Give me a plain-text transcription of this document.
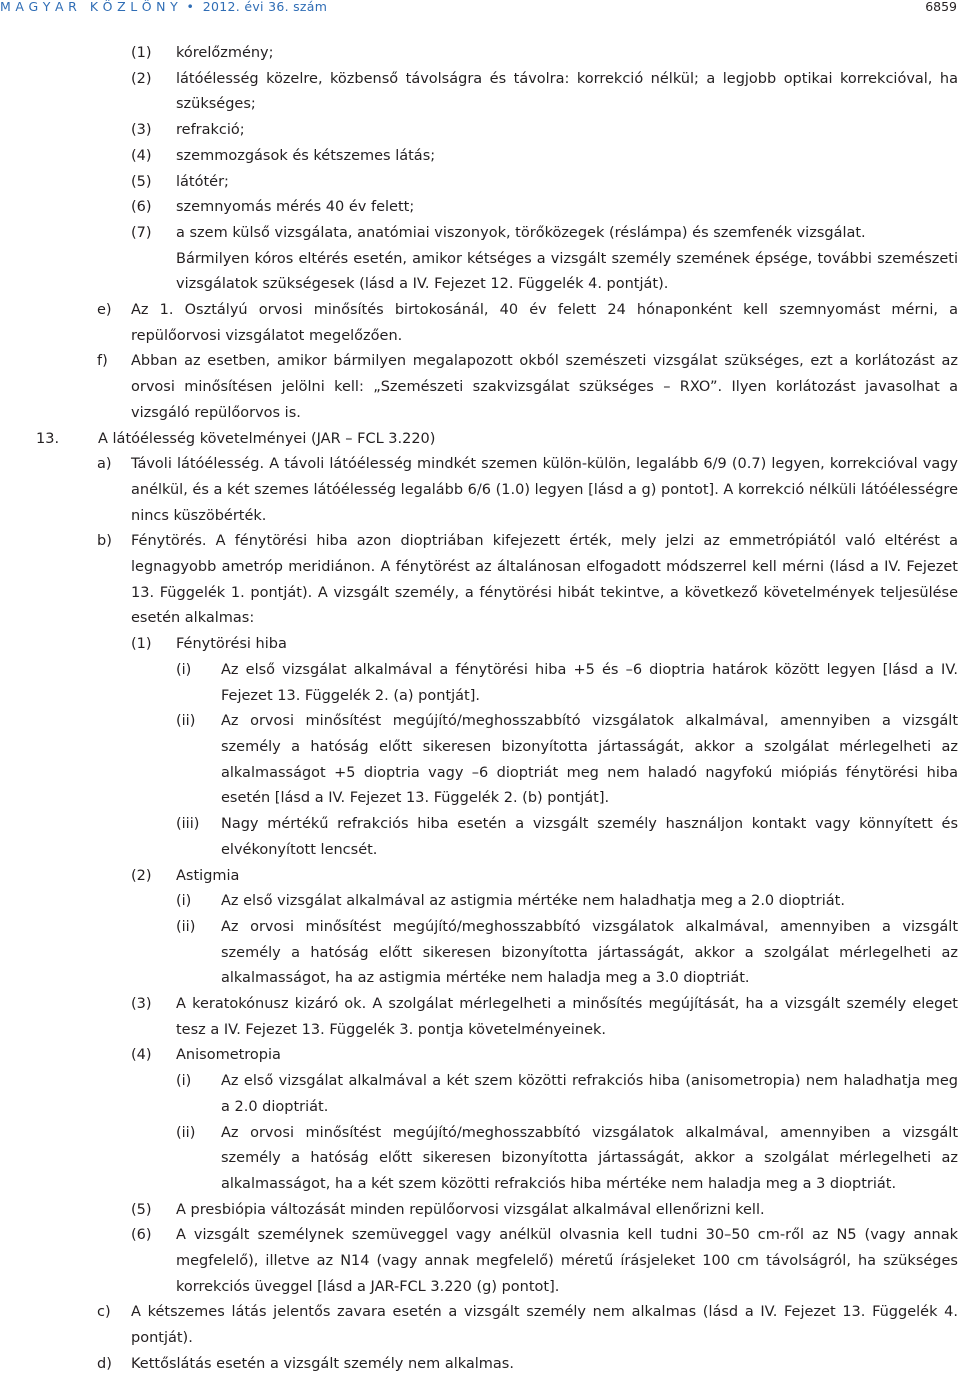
M A G Y A R   K Ö Z L Ö N Y  •  2012. évi 36. szám	6859
(1) kórelőzmény;
(2) látóélesség közelre, közbenső távolságra és távolra: korrekció nélkül; a legjobb optikai korrekcióval, ha szükséges;
(3) refrakció;
(4) szemmozgások és kétszemes látás;
(5) látótér;
(6) szemnyomás mérés 40 év felett;
(7) a szem külső vizsgálata, anatómiai viszonyok, törőközegek (réslámpa) és szemfenék vizsgálat.
Bármilyen kóros eltérés esetén, amikor kétséges a vizsgált személy szemének épsége, további szemészeti vizsgálatok szükségesek (lásd a IV. Fejezet 12. Függelék 4. pontját).
e) Az 1. Osztályú orvosi minősítés birtokosánál, 40 év felett 24 hónaponként kell szemnyomást mérni, a repülőorvosi vizsgálatot megelőzően.
f) Abban az esetben, amikor bármilyen megalapozott okból szemészeti vizsgálat szükséges, ezt a korlátozást az orvosi minősítésen jelölni kell: „Szemészeti szakvizsgálat szükséges – RXO”. Ilyen korlátozást javasolhat a vizsgáló repülőorvos is.
13.	A látóélesség követelményei (JAR – FCL 3.220)
a) Távoli látóélesség. A távoli látóélesség mindkét szemen külön-külön, legalább 6/9 (0.7) legyen, korrekcióval vagy anélkül, és a két szemes látóélesség legalább 6/6 (1.0) legyen [lásd a g) pontot]. A korrekció nélküli látóélességre nincs küszöbérték.
b) Fénytörés. A fénytörési hiba azon dioptriában kifejezett érték, mely jelzi az emmetrópiától való eltérést a legnagyobb ametróp meridiánon. A fénytörést az általánosan elfogadott módszerrel kell mérni (lásd a IV. Fejezet 13. Függelék 1. pontját). A vizsgált személy, a fénytörési hibát tekintve, a következő követelmények teljesülése esetén alkalmas:
(1) Fénytörési hiba
(i) Az első vizsgálat alkalmával a fénytörési hiba +5 és –6 dioptria határok között legyen [lásd a IV. Fejezet 13. Függelék 2. (a) pontját].
(ii) Az orvosi minősítést megújító/meghosszabbító vizsgálatok alkalmával, amennyiben a vizsgált személy a hatóság előtt sikeresen bizonyította jártasságát, akkor a szolgálat mérlegelheti az alkalmasságot +5 dioptria vagy –6 dioptriát meg nem haladó nagyfokú miópiás fénytörési hiba esetén [lásd a IV. Fejezet 13. Függelék 2. (b) pontját].
(iii) Nagy mértékű refrakciós hiba esetén a vizsgált személy használjon kontakt vagy könnyített és elvékonyított lencsét.
(2) Astigmia
(i) Az első vizsgálat alkalmával az astigmia mértéke nem haladhatja meg a 2.0 dioptriát.
(ii) Az orvosi minősítést megújító/meghosszabbító vizsgálatok alkalmával, amennyiben a vizsgált személy a hatóság előtt sikeresen bizonyította jártasságát, akkor a szolgálat mérlegelheti az alkalmasságot, ha az astigmia mértéke nem haladja meg a 3.0 dioptriát.
(3) A keratokónusz kizáró ok. A szolgálat mérlegelheti a minősítés megújítását, ha a vizsgált személy eleget tesz a IV. Fejezet 13. Függelék 3. pontja követelményeinek.
(4) Anisometropia
(i) Az első vizsgálat alkalmával a két szem közötti refrakciós hiba (anisometropia) nem haladhatja meg a 2.0 dioptriát.
(ii) Az orvosi minősítést megújító/meghosszabbító vizsgálatok alkalmával, amennyiben a vizsgált személy a hatóság előtt sikeresen bizonyította jártasságát, akkor a szolgálat mérlegelheti az alkalmasságot, ha a két szem közötti refrakciós hiba mértéke nem haladja meg a 3 dioptriát.
(5) A presbiópia változását minden repülőorvosi vizsgálat alkalmával ellenőrizni kell.
(6) A vizsgált személynek szemüveggel vagy anélkül olvasnia kell tudni 30–50 cm-ről az N5 (vagy annak megfelelő), illetve az N14 (vagy annak megfelelő) méretű írásjeleket 100 cm távolságról, ha szükséges korrekciós üveggel [lásd a JAR-FCL 3.220 (g) pontot].
c) A kétszemes látás jelentős zavara esetén a vizsgált személy nem alkalmas (lásd a IV. Fejezet 13. Függelék 4. pontját).
d) Kettőslátás esetén a vizsgált személy nem alkalmas.
